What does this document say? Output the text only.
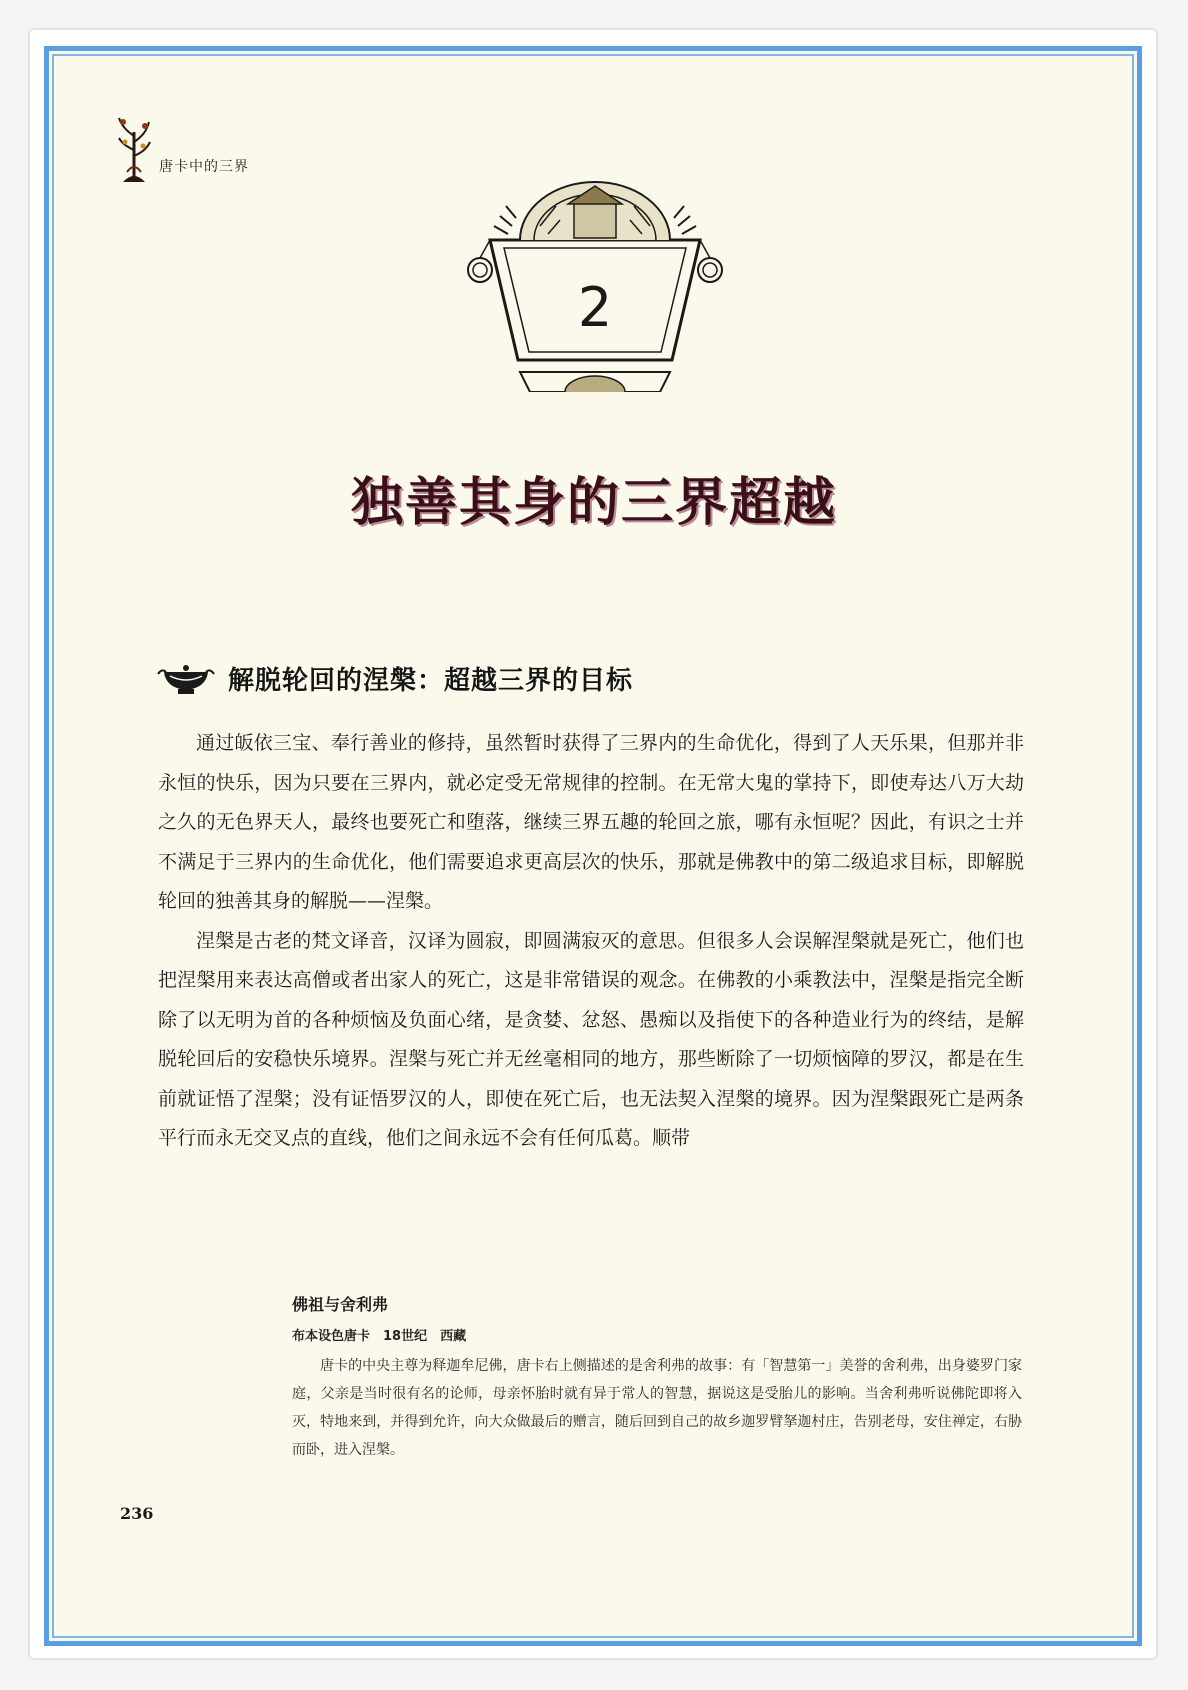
唐卡中的三界
2
独善其身的三界超越
解脱轮回的涅槃：超越三界的目标

通过皈依三宝、奉行善业的修持，虽然暂时获得了三界内的生命优化，得到了人天乐果，但那并非永恒的快乐，因为只要在三界内，就必定受无常规律的控制。在无常大鬼的掌持下，即使寿达八万大劫之久的无色界天人，最终也要死亡和堕落，继续三界五趣的轮回之旅，哪有永恒呢？因此，有识之士并不满足于三界内的生命优化，他们需要追求更高层次的快乐，那就是佛教中的第二级追求目标，即解脱轮回的独善其身的解脱——涅槃。

涅槃是古老的梵文译音，汉译为圆寂，即圆满寂灭的意思。但很多人会误解涅槃就是死亡，他们也把涅槃用来表达高僧或者出家人的死亡，这是非常错误的观念。在佛教的小乘教法中，涅槃是指完全断除了以无明为首的各种烦恼及负面心绪，是贪婪、忿怒、愚痴以及指使下的各种造业行为的终结，是解脱轮回后的安稳快乐境界。涅槃与死亡并无丝毫相同的地方，那些断除了一切烦恼障的罗汉，都是在生前就证悟了涅槃；没有证悟罗汉的人，即使在死亡后，也无法契入涅槃的境界。因为涅槃跟死亡是两条平行而永无交叉点的直线，他们之间永远不会有任何瓜葛。顺带

佛祖与舍利弗
布本设色唐卡　18世纪　西藏
唐卡的中央主尊为释迦牟尼佛，唐卡右上侧描述的是舍利弗的故事：有「智慧第一」美誉的舍利弗，出身婆罗门家庭，父亲是当时很有名的论师，母亲怀胎时就有异于常人的智慧，据说这是受胎儿的影响。当舍利弗听说佛陀即将入灭，特地来到，并得到允许，向大众做最后的赠言，随后回到自己的故乡迦罗臂拏迦村庄，告别老母，安住禅定，右胁而卧，进入涅槃。
236
